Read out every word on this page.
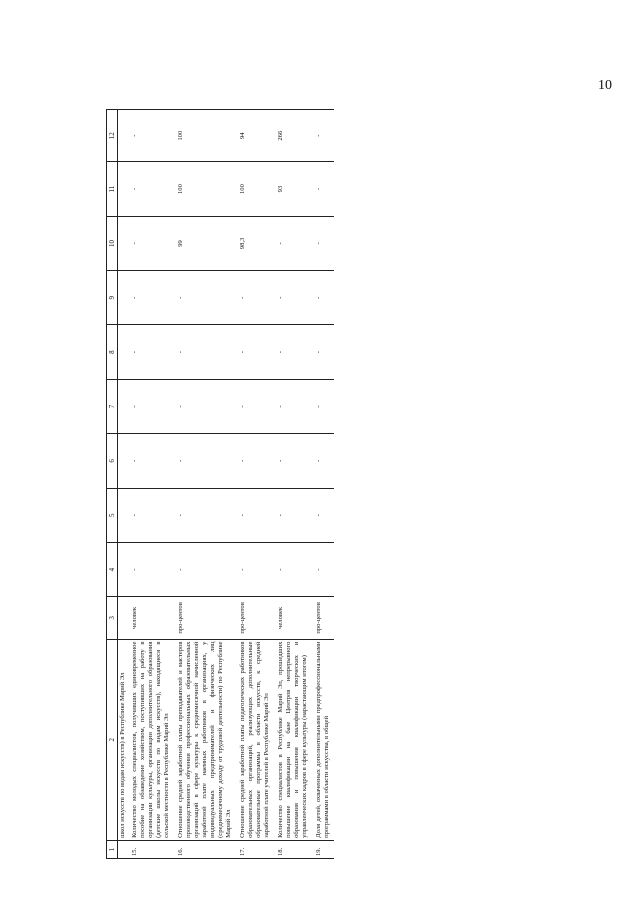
10
1	2	3	4	5	6	7	8	9	10	11	12
	школ искусств по видам искусств) в Республике Марий Эл										
15.	Количество молодых специалистов, получивших единовременное пособие на обзаведение хозяйством, поступивших на работу в организации культуры, организации дополнительного образования (детские школы искусств по видам искусств), находящиеся в сельской местности в Республике Марий Эл	человек	-	-	-	-	-	-	-	-	-
16.	Отношение средней заработной платы преподавателей и мастеров производственного обучения профессиональных образовательных организаций в сфере культуры к среднемесячной начисленной заработной плате наемных работников в организациях, у индивидуальных предпринимателей и физических лиц (среднемесячному доходу от трудовой деятельности) по Республике Марий Эл	про-центов	-	-	-	-	-	-	99	100	100
17.	Отношение средней заработной платы педагогических работников образовательных организаций, реализующих дополнительные образовательные программы в области искусств, к средней заработной плате учителей в Республике Марий Эл	про-центов	-	-	-	-	-	-	98,3	100	94
18.	Количество специалистов в Республике Марий Эл, прошедших повышение квалификации на базе Центров непрерывного образования и повышения квалификации творческих и управленческих кадров в сфере культуры (нарастающим итогом)	человек	-	-	-	-	-	-	-	93	266
19.	Доля детей, охваченных дополнительными предпрофессиональными программами в области искусства, в общей	про-центов	-	-	-	-	-	-	-	-	-
